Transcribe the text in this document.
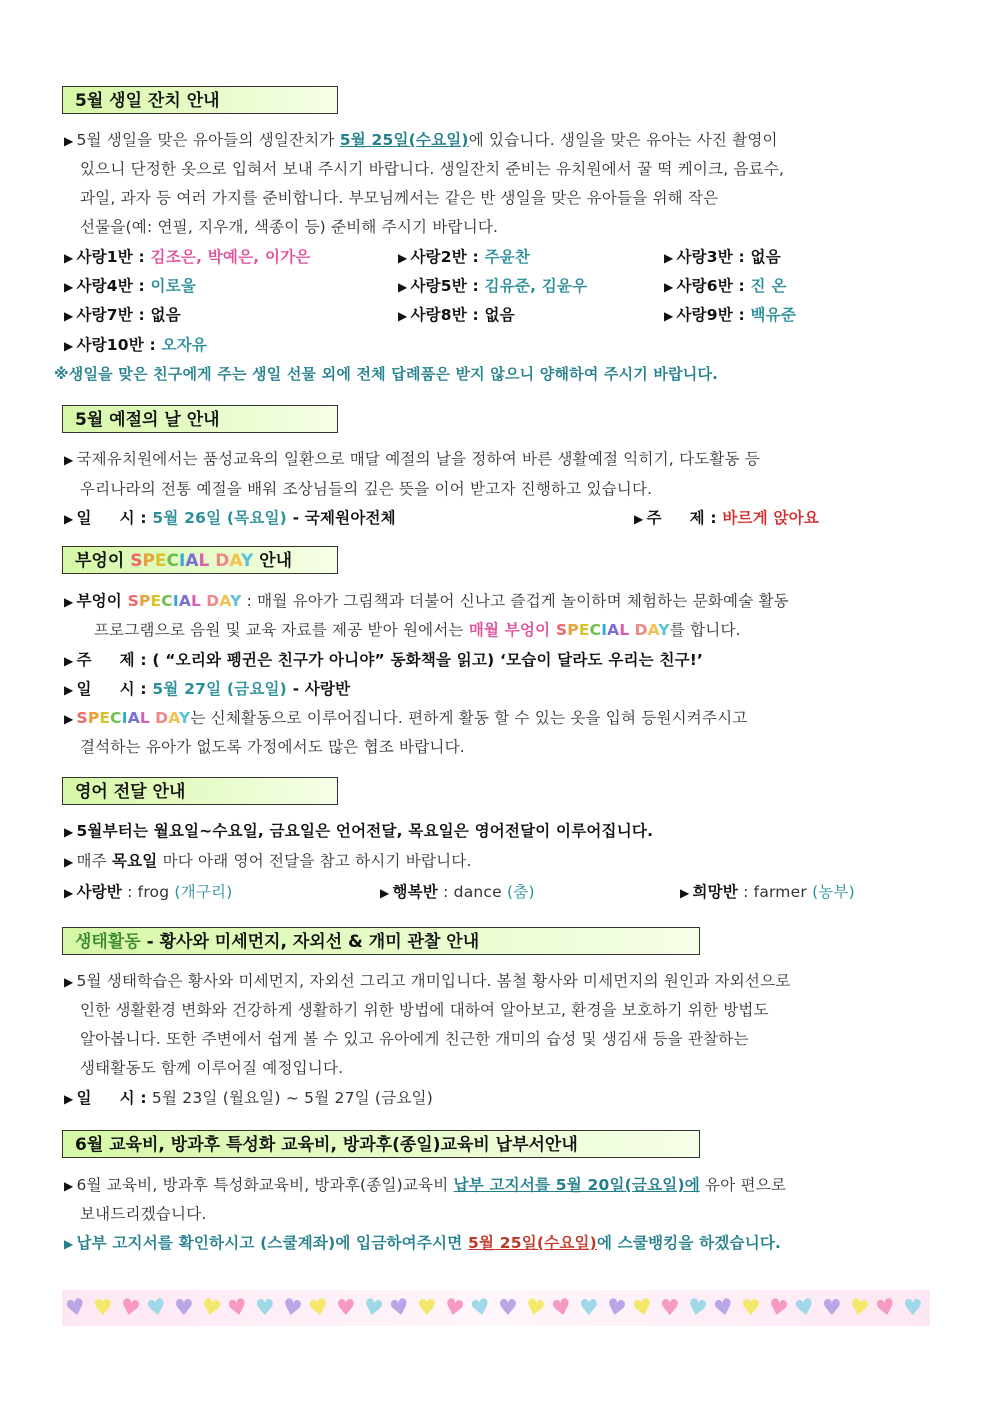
5월 생일 잔치 안내
▶ 5월 생일을 맞은 유아들의 생일잔치가 5월 25일(수요일)에 있습니다. 생일을 맞은 유아는 사진 촬영이
있으니 단정한 옷으로 입혀서 보내 주시기 바랍니다. 생일잔치 준비는 유치원에서 꿀 떡 케이크, 음료수,
과일, 과자 등 여러 가지를 준비합니다. 부모님께서는 같은 반 생일을 맞은 유아들을 위해 작은
선물을(예: 연필, 지우개, 색종이 등) 준비해 주시기 바랍니다.
▶ 사랑1반 : 김조은, 박예은, 이가은	▶ 사랑2반 : 주윤찬	▶ 사랑3반 : 없음
▶ 사랑4반 : 이로울	▶ 사랑5반 : 김유준, 김윤우	▶ 사랑6반 : 진 온
▶ 사랑7반 : 없음	▶ 사랑8반 : 없음	▶ 사랑9반 : 백유준
▶ 사랑10반 : 오자유
※생일을 맞은 친구에게 주는 생일 선물 외에 전체 답례품은 받지 않으니 양해하여 주시기 바랍니다.
5월 예절의 날 안내
▶ 국제유치원에서는 품성교육의 일환으로 매달 예절의 날을 정하여 바른 생활예절 익히기, 다도활동 등
우리나라의 전통 예절을 배워 조상님들의 깊은 뜻을 이어 받고자 진행하고 있습니다.
▶ 일     시 : 5월 26일 (목요일) - 국제원아전체	▶ 주     제 : 바르게 앉아요
부엉이 SPECIAL DAY 안내
▶ 부엉이 SPECIAL DAY : 매월 유아가 그림책과 더불어 신나고 즐겁게 놀이하며 체험하는 문화예술 활동
프로그램으로 음원 및 교육 자료를 제공 받아 원에서는 매월 부엉이 SPECIAL DAY를 합니다.
▶ 주     제 : ( “오리와 펭귄은 친구가 아니야” 동화책을 읽고) ‘모습이 달라도 우리는 친구!’
▶ 일     시 : 5월 27일 (금요일) - 사랑반
▶ SPECIAL DAY는 신체활동으로 이루어집니다. 편하게 활동 할 수 있는 옷을 입혀 등원시켜주시고
결석하는 유아가 없도록 가정에서도 많은 협조 바랍니다.
영어 전달 안내
▶ 5월부터는 월요일~수요일, 금요일은 언어전달, 목요일은 영어전달이 이루어집니다.
▶ 매주 목요일 마다 아래 영어 전달을 참고 하시기 바랍니다.
▶ 사랑반 : frog (개구리)	▶ 행복반 : dance (춤)	▶ 희망반 : farmer (농부)
생태활동 - 황사와 미세먼지, 자외선 & 개미 관찰 안내
▶ 5월 생태학습은 황사와 미세먼지, 자외선 그리고 개미입니다. 봄철 황사와 미세먼지의 원인과 자외선으로
인한 생활환경 변화와 건강하게 생활하기 위한 방법에 대하여 알아보고, 환경을 보호하기 위한 방법도
알아봅니다. 또한 주변에서 쉽게 볼 수 있고 유아에게 친근한 개미의 습성 및 생김새 등을 관찰하는
생태활동도 함께 이루어질 예정입니다.
▶ 일     시 : 5월 23일 (월요일) ~ 5월 27일 (금요일)
6월 교육비, 방과후 특성화 교육비, 방과후(종일)교육비 납부서안내
▶ 6월 교육비, 방과후 특성화교육비, 방과후(종일)교육비 납부 고지서를 5월 20일(금요일)에 유아 편으로
보내드리겠습니다.
▶ 납부 고지서를 확인하시고 (스쿨계좌)에 입금하여주시면 5월 25일(수요일)에 스쿨뱅킹을 하겠습니다.
♥ ♥ ♥ ♥ ♥ ♥ ♥ ♥ ♥ ♥ ♥ ♥ ♥ ♥ ♥ ♥ ♥ ♥ ♥ ♥ ♥ ♥ ♥ ♥ ♥ ♥ ♥ ♥ ♥ ♥ ♥ ♥
